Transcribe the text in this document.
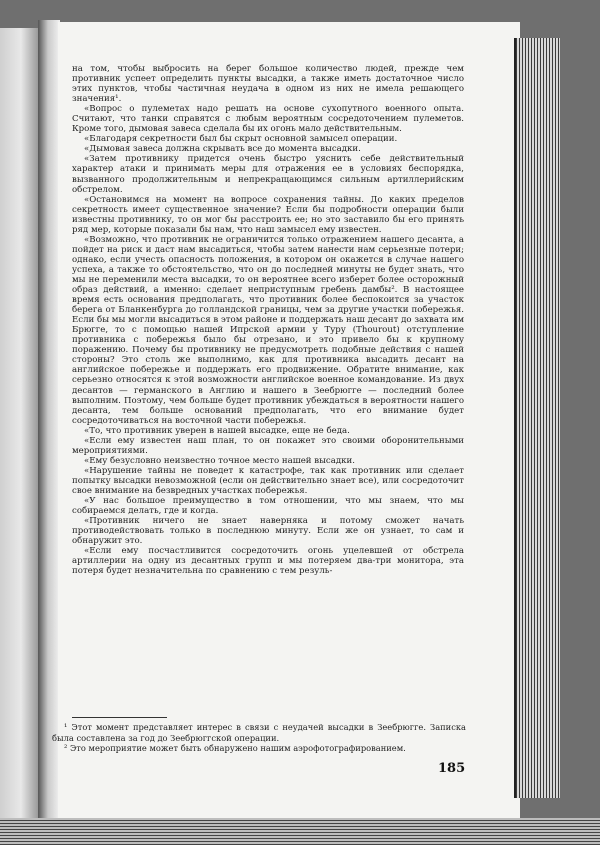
на том, чтобы выбросить на берег большое количество людей, прежде чем противник успеет определить пункты высадки, а также иметь достаточное число этих пунктов, чтобы частичная неудача в одном из них не имела решающего значения¹.

«Вопрос о пулеметах надо решать на основе сухопутного военного опыта. Считают, что танки справятся с любым вероятным сосредоточением пулеметов. Кроме того, дымовая завеса сделала бы их огонь мало действительным.

«Благодаря секретности был бы скрыт основной замысел операции.

«Дымовая завеса должна скрывать все до момента высадки.

«Затем противнику придется очень быстро уяснить себе действительный характер атаки и принимать меры для отражения ее в условиях беспорядка, вызванного продолжительным и непрекращающимся сильным артиллерийским обстрелом.

«Остановимся на момент на вопросе сохранения тайны. До каких пределов секретность имеет существенное значение? Если бы подробности операции были известны противнику, то он мог бы расстроить ее; но это заставило бы его принять ряд мер, которые показали бы нам, что наш замысел ему известен.

«Возможно, что противник не ограничится только отражением нашего десанта, а пойдет на риск и даст нам высадиться, чтобы затем нанести нам серьезные потери; однако, если учесть опасность положения, в котором он окажется в случае нашего успеха, а также то обстоятельство, что он до последней минуты не будет знать, что мы не переменили места высадки, то он вероятнее всего изберет более осторожный образ действий, а именно: сделает неприступным гребень дамбы². В настоящее время есть основания предполагать, что противник более беспокоится за участок берега от Бланкенбурга до голландской границы, чем за другие участки побережья. Если бы мы могли высадиться в этом районе и поддержать наш десант до захвата им Брюгге, то с помощью нашей Ипрской армии у Туру (Thourout) отступление противника с побережья было бы отрезано, и это привело бы к крупному поражению. Почему бы противнику не предусмотреть подобные действия с нашей стороны? Это столь же выполнимо, как для противника высадить десант на английское побережье и поддержать его продвижение. Обратите внимание, как серьезно относятся к этой возможности английское военное командование. Из двух десантов — германского в Англию и нашего в Зеебрюгге — последний более выполним. Поэтому, чем больше будет противник убеждаться в вероятности нашего десанта, тем больше оснований предполагать, что его внимание будет сосредоточиваться на восточной части побережья.

«То, что противник уверен в нашей высадке, еще не беда.

«Если ему известен наш план, то он покажет это своими оборонительными мероприятиями.

«Ему безусловно неизвестно точное место нашей высадки.

«Нарушение тайны не поведет к катастрофе, так как противник или сделает попытку высадки невозможной (если он действительно знает все), или сосредоточит свое внимание на безвредных участках побережья.

«У нас большое преимущество в том отношении, что мы знаем, что мы собираемся делать, где и когда.

«Противник ничего не знает наверняка и потому сможет начать противодействовать только в последнюю минуту. Если же он узнает, то сам и обнаружит это.

«Если ему посчастливится сосредоточить огонь уцелевшей от обстрела артиллерии на одну из десантных групп и мы потеряем два-три монитора, эта потеря будет незначительна по сравнению с тем резуль-

¹ Этот момент представляет интерес в связи с неудачей высадки в Зеебрюгге. Записка была составлена за год до Зеебрюггской операции.

² Это мероприятие может быть обнаружено нашим аэрофотографированием.

185
